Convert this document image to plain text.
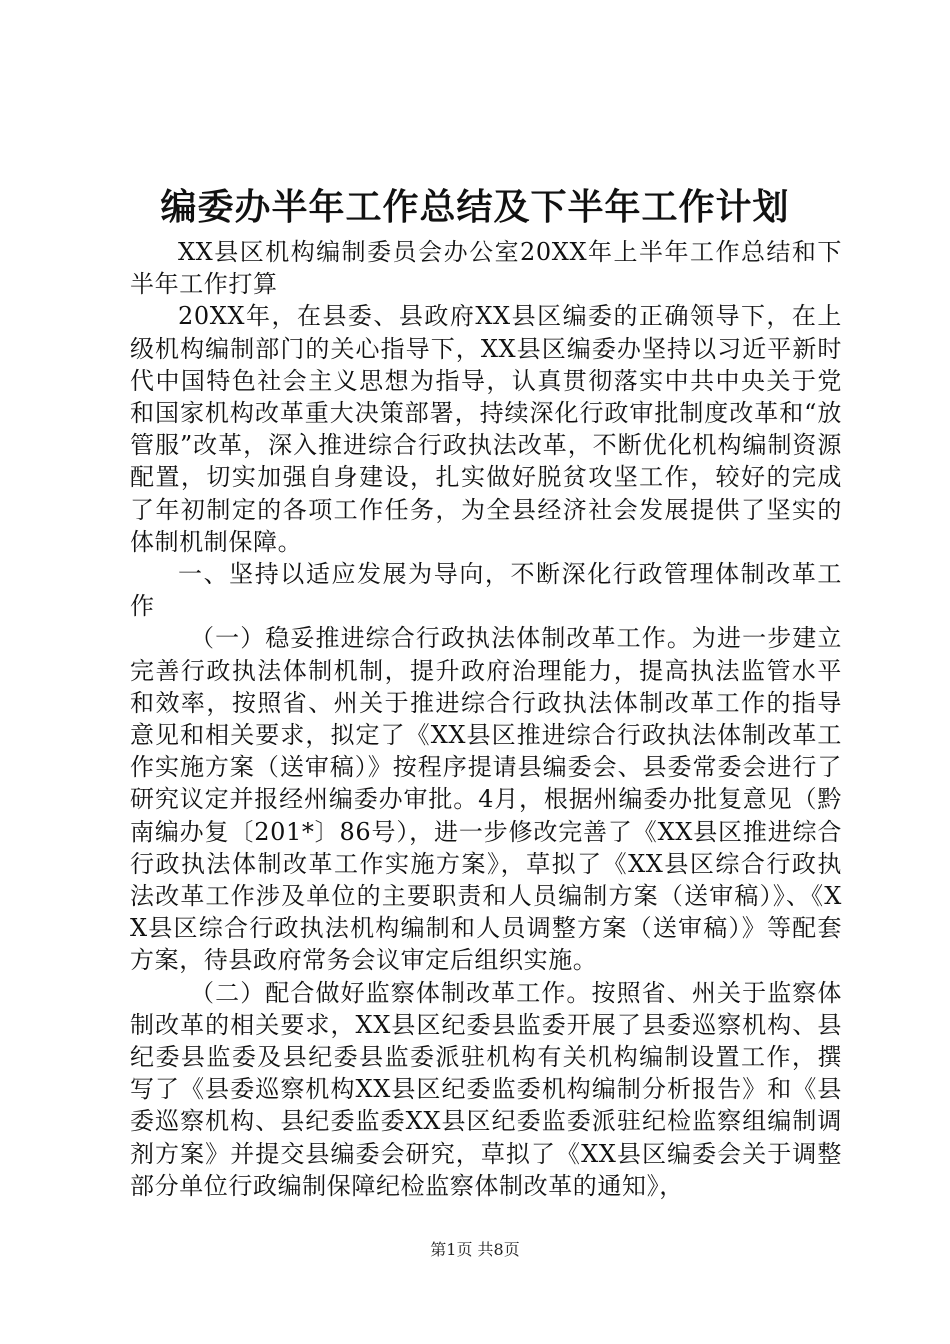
编委办半年工作总结及下半年工作计划

XX县区机构编制委员会办公室20XX年上半年工作总结和下半年工作打算

20XX年，在县委、县政府XX县区编委的正确领导下，在上级机构编制部门的关心指导下，XX县区编委办坚持以习近平新时代中国特色社会主义思想为指导，认真贯彻落实中共中央关于党和国家机构改革重大决策部署，持续深化行政审批制度改革和“放管服”改革，深入推进综合行政执法改革，不断优化机构编制资源配置，切实加强自身建设，扎实做好脱贫攻坚工作，较好的完成了年初制定的各项工作任务，为全县经济社会发展提供了坚实的体制机制保障。

一、坚持以适应发展为导向，不断深化行政管理体制改革工作

（一）稳妥推进综合行政执法体制改革工作。为进一步建立完善行政执法体制机制，提升政府治理能力，提高执法监管水平和效率，按照省、州关于推进综合行政执法体制改革工作的指导意见和相关要求，拟定了《XX县区推进综合行政执法体制改革工作实施方案（送审稿）》按程序提请县编委会、县委常委会进行了研究议定并报经州编委办审批。4月，根据州编委办批复意见（黔南编办复〔201*〕86号），进一步修改完善了《XX县区推进综合行政执法体制改革工作实施方案》，草拟了《XX县区综合行政执法改革工作涉及单位的主要职责和人员编制方案（送审稿）》、《XX县区综合行政执法机构编制和人员调整方案（送审稿）》等配套方案，待县政府常务会议审定后组织实施。

（二）配合做好监察体制改革工作。按照省、州关于监察体制改革的相关要求，XX县区纪委县监委开展了县委巡察机构、县纪委县监委及县纪委县监委派驻机构有关机构编制设置工作，撰写了《县委巡察机构XX县区纪委监委机构编制分析报告》和《县委巡察机构、县纪委监委XX县区纪委监委派驻纪检监察组编制调剂方案》并提交县编委会研究，草拟了《XX县区编委会关于调整部分单位行政编制保障纪检监察体制改革的通知》，

第1页 共8页
